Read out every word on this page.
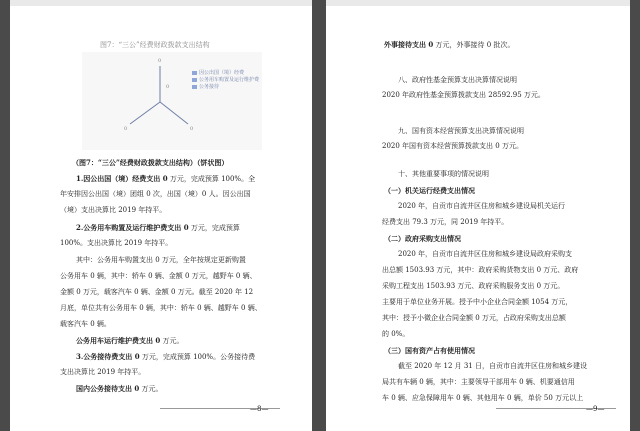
图7：“三公”经费财政拨款支出结构
0
0	0
0
因公出国（境）经费
公务用车购置及运行维护费
公务接待
（图7：“三公”经费财政拨款支出结构）（饼状图）
1.因公出国（境）经费支出 0 万元，完成预算 100%。全
年安排因公出国（境）团组 0 次，出国（境）0 人。因公出国
（境）支出决算比 2019 年持平。
2.公务用车购置及运行维护费支出 0 万元，完成预算
100%。支出决算比 2019 年持平。
其中：公务用车购置支出 0 万元，全年按规定更新购置
公务用车 0 辆，其中：轿车 0 辆、金额 0 万元，越野车 0 辆、
金额 0 万元，载客汽车 0 辆、金额 0 万元。截至 2020 年 12
月底，单位共有公务用车 0 辆，其中：轿车 0 辆、越野车 0 辆、
载客汽车 0 辆。
公务用车运行维护费支出 0 万元。
3.公务接待费支出 0 万元，完成预算 100%。公务接待费
支出决算比 2019 年持平。
国内公务接待支出 0 万元。
—8—
外事接待支出 0 万元，外事接待 0 批次。
八、政府性基金预算支出决算情况说明
2020 年政府性基金预算拨款支出 28592.95 万元。
九、国有资本经营预算支出决算情况说明
2020 年国有资本经营预算拨款支出 0 万元。
十、其他重要事项的情况说明
（一）机关运行经费支出情况
2020 年，自贡市自流井区住房和城乡建设局机关运行
经费支出 79.3 万元，同 2019 年持平。
（二）政府采购支出情况
2020 年，自贡市自流井区住房和城乡建设局政府采购支
出总额 1503.93 万元，其中：政府采购货物支出 0 万元、政府
采购工程支出 1503.93 万元、政府采购服务支出 0 万元。
主要用于单位业务开展。授予中小企业合同金额 1054 万元，
其中：授予小微企业合同金额 0 万元，占政府采购支出总额
的 0%。
（三）国有资产占有使用情况
截至 2020 年 12 月 31 日，自贡市自流井区住房和城乡建设
局共有车辆 0 辆，其中：主要领导干部用车 0 辆、机要通信用
车 0 辆、应急保障用车 0 辆、其他用车 0 辆，单价 50 万元以上
—9—
